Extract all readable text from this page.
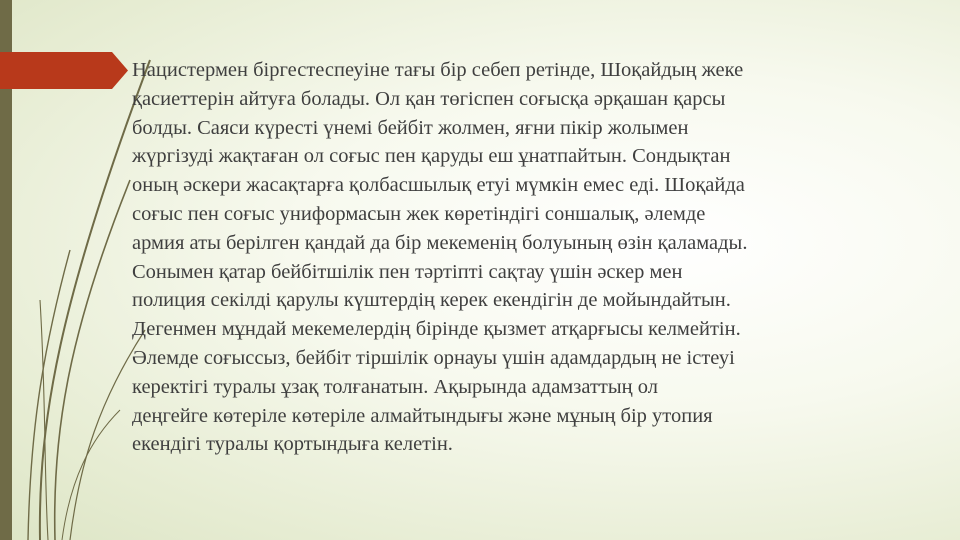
Нацистермен біргестеспеуіне тағы бір себеп ретінде, Шоқайдың жеке
қасиеттерін айтуға болады. Ол қан төгіспен соғысқа әрқашан қарсы
болды. Саяси күресті үнемі бейбіт жолмен, яғни пікір жолымен
жүргізуді жақтаған ол соғыс пен қаруды еш ұнатпайтын. Сондықтан
оның әскери жасақтарға қолбасшылық етуі мүмкін емес еді. Шоқайда
соғыс пен соғыс униформасын жек көретіндігі соншалық, әлемде
армия аты берілген қандай да бір мекеменің болуының өзін қаламады.
Сонымен қатар бейбітшілік пен тәртіпті сақтау үшін әскер мен
полиция секілді қарулы күштердің керек екендігін де мойындайтын.
Дегенмен мұндай мекемелердің бірінде қызмет атқарғысы келмейтін.
Әлемде соғыссыз, бейбіт тіршілік орнауы үшін адамдардың не істеуі
керектігі туралы ұзақ толғанатын. Ақырында адамзаттың ол
деңгейге көтеріле көтеріле алмайтындығы және мұның бір утопия
екендігі туралы қортындыға келетін.
